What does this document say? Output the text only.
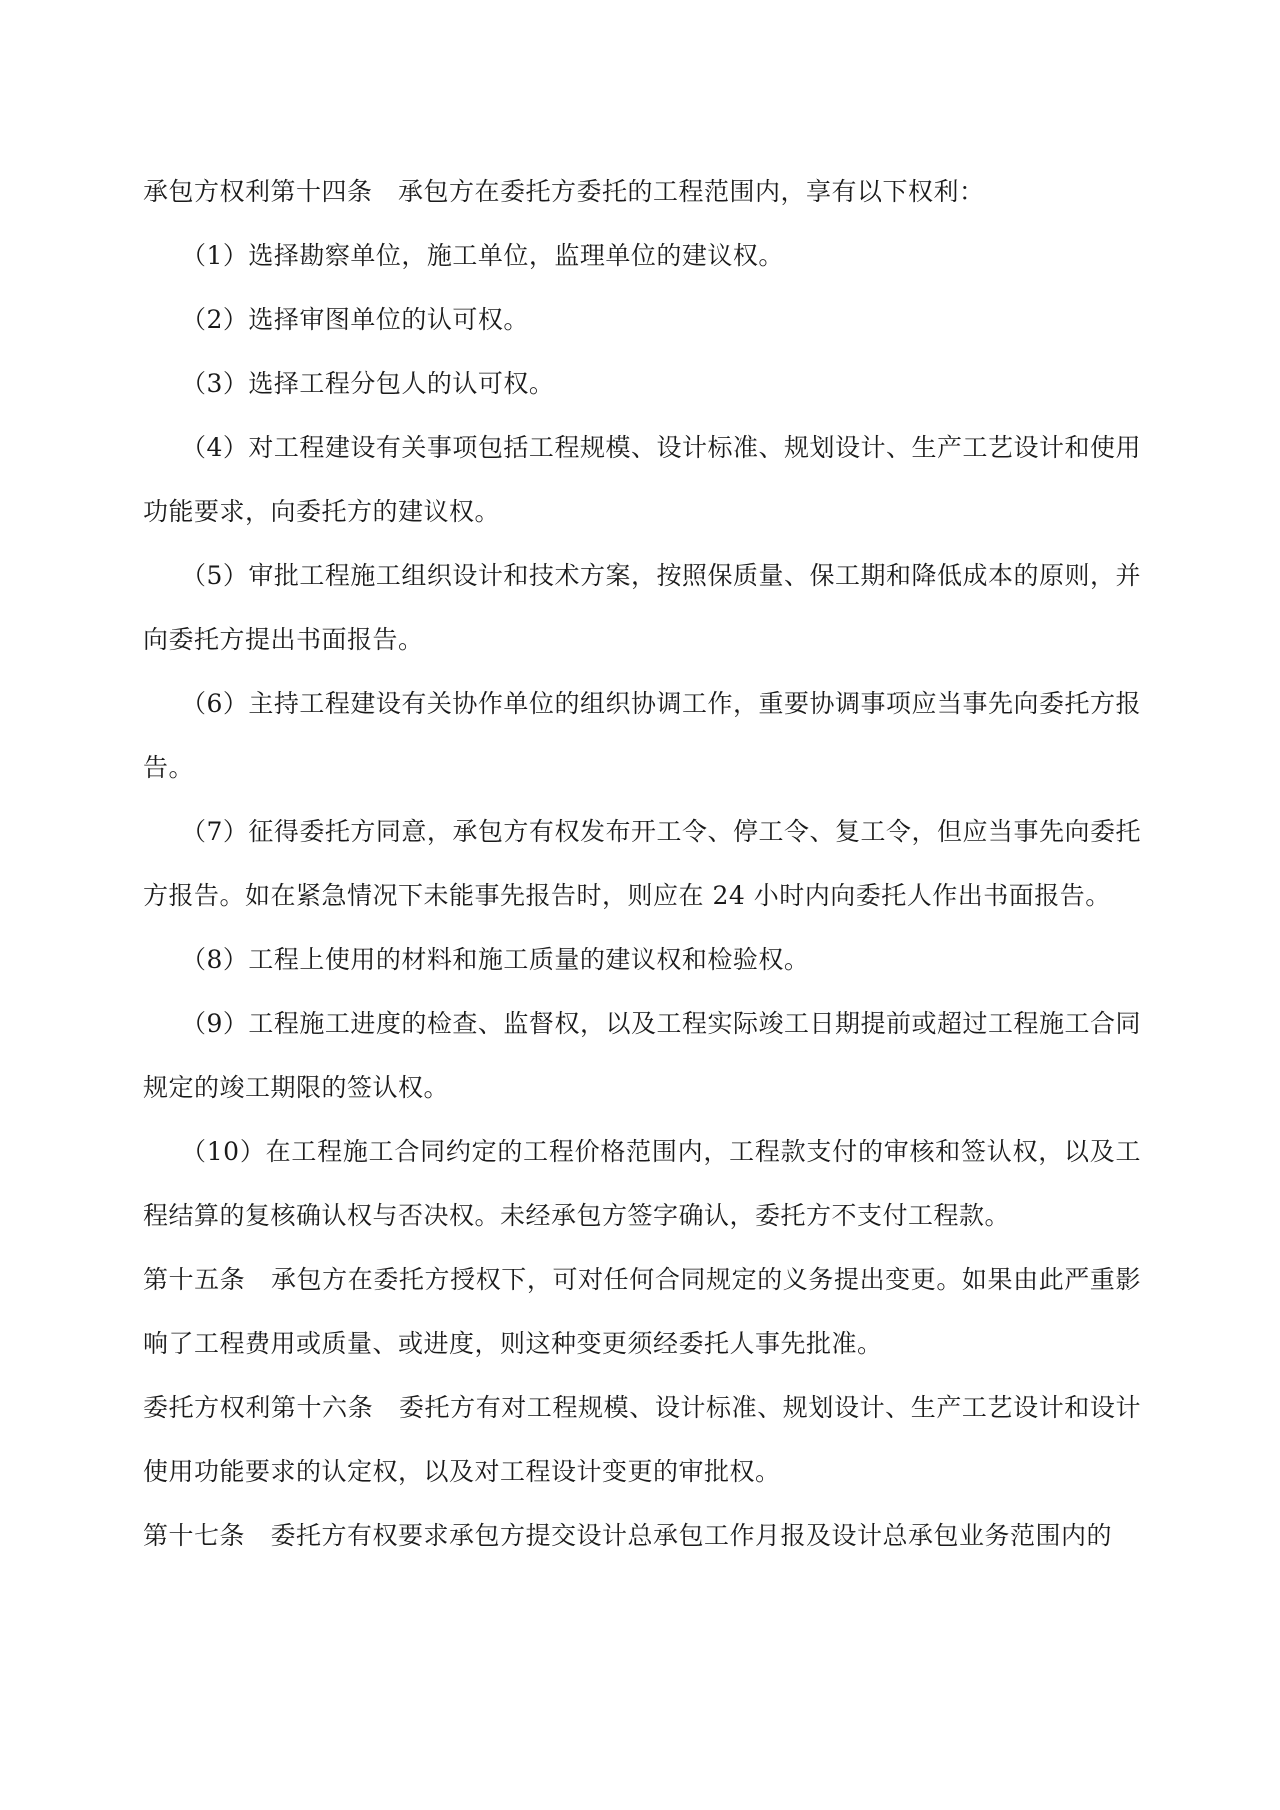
承包方权利第十四条　承包方在委托方委托的工程范围内，享有以下权利：

（1）选择勘察单位，施工单位，监理单位的建议权。

（2）选择审图单位的认可权。

（3）选择工程分包人的认可权。

（4）对工程建设有关事项包括工程规模、设计标准、规划设计、生产工艺设计和使用功能要求，向委托方的建议权。

（5）审批工程施工组织设计和技术方案，按照保质量、保工期和降低成本的原则，并向委托方提出书面报告。

（6）主持工程建设有关协作单位的组织协调工作，重要协调事项应当事先向委托方报告。

（7）征得委托方同意，承包方有权发布开工令、停工令、复工令，但应当事先向委托方报告。如在紧急情况下未能事先报告时，则应在 24 小时内向委托人作出书面报告。

（8）工程上使用的材料和施工质量的建议权和检验权。

（9）工程施工进度的检查、监督权，以及工程实际竣工日期提前或超过工程施工合同规定的竣工期限的签认权。

（10）在工程施工合同约定的工程价格范围内，工程款支付的审核和签认权，以及工程结算的复核确认权与否决权。未经承包方签字确认，委托方不支付工程款。

第十五条　承包方在委托方授权下，可对任何合同规定的义务提出变更。如果由此严重影响了工程费用或质量、或进度，则这种变更须经委托人事先批准。

委托方权利第十六条　委托方有对工程规模、设计标准、规划设计、生产工艺设计和设计使用功能要求的认定权，以及对工程设计变更的审批权。

第十七条　委托方有权要求承包方提交设计总承包工作月报及设计总承包业务范围内的
